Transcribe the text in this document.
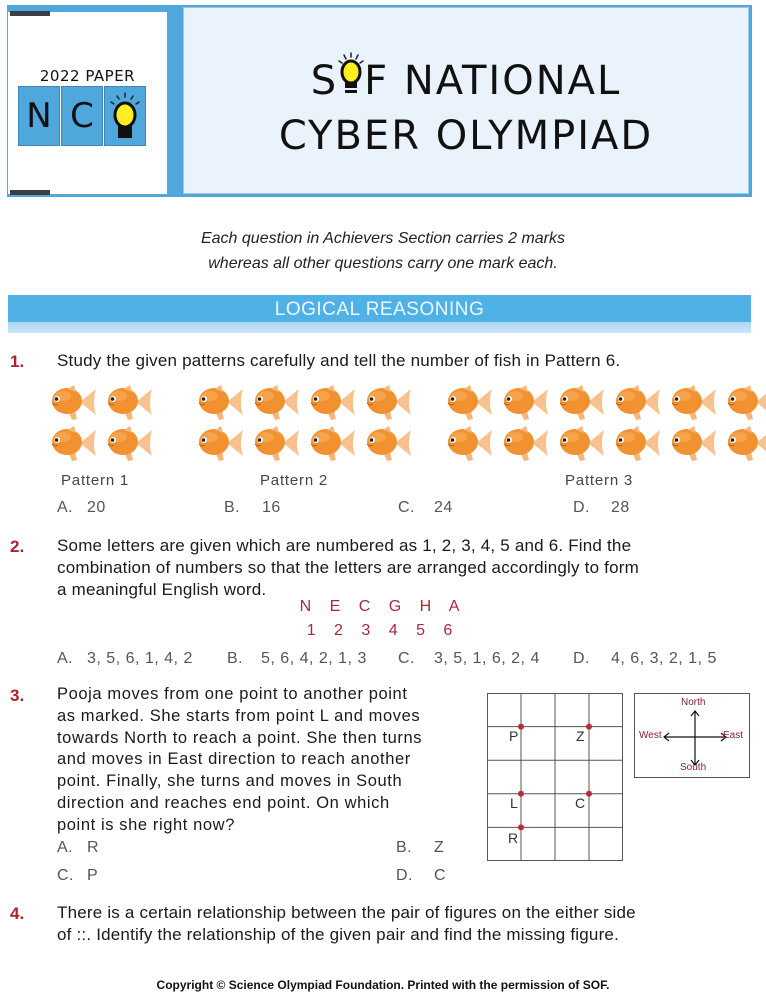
2022 PAPER
N C
S F NATIONAL
CYBER OLYMPIAD
Each question in Achievers Section carries 2 marks
whereas all other questions carry one mark each.
LOGICAL REASONING
1. Study the given patterns carefully and tell the number of fish in Pattern 6.
Pattern 1	Pattern 2	Pattern 3
A. 20	B. 16	C. 24	D. 28
2. Some letters are given which are numbered as 1, 2, 3, 4, 5 and 6. Find the
combination of numbers so that the letters are arranged accordingly to form
a meaningful English word.
N E C G H A
1 2 3 4 5 6
A. 3, 5, 6, 1, 4, 2 B. 5, 6, 4, 2, 1, 3 C. 3, 5, 1, 6, 2, 4 D. 4, 6, 3, 2, 1, 5
3. Pooja moves from one point to another point
as marked. She starts from point L and moves
towards North to reach a point. She then turns
and moves in East direction to reach another
point. Finally, she turns and moves in South
direction and reaches end point. On which
point is she right now?
A. R	B. Z
C. P	D. C
P	Z
L	C
R
North
West	East
South
4. There is a certain relationship between the pair of figures on the either side
of ::. Identify the relationship of the given pair and find the missing figure.
Copyright © Science Olympiad Foundation. Printed with the permission of SOF.
